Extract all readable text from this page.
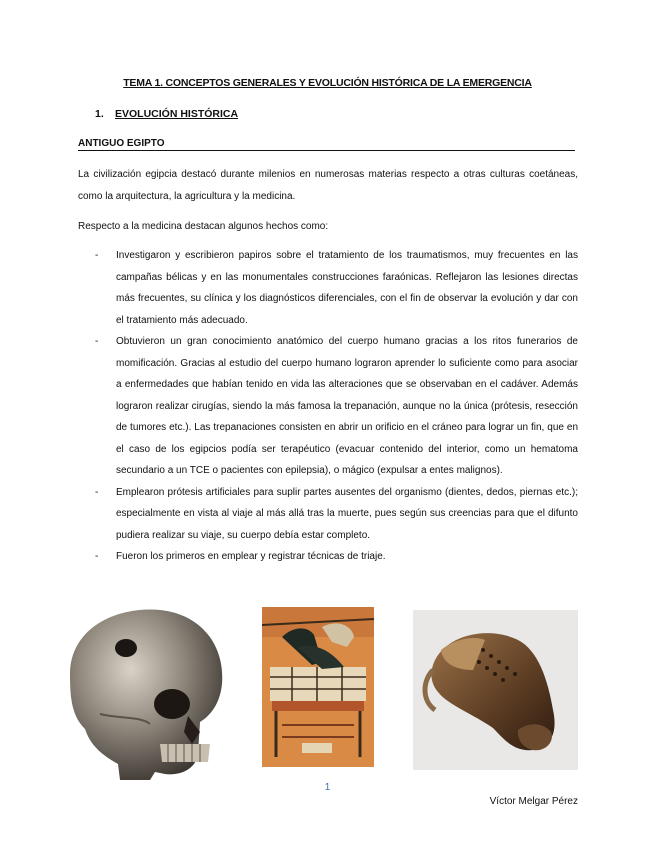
TEMA 1. CONCEPTOS GENERALES Y EVOLUCIÓN HISTÓRICA DE LA EMERGENCIA
1. EVOLUCIÓN HISTÓRICA
ANTIGUO EGIPTO
La civilización egipcia destacó durante milenios en numerosas materias respecto a otras culturas coetáneas, como la arquitectura, la agricultura y la medicina.
Respecto a la medicina destacan algunos hechos como:
- Investigaron y escribieron papiros sobre el tratamiento de los traumatismos, muy frecuentes en las campañas bélicas y en las monumentales construcciones faraónicas. Reflejaron las lesiones directas más frecuentes, su clínica y los diagnósticos diferenciales, con el fin de observar la evolución y dar con el tratamiento más adecuado.
- Obtuvieron un gran conocimiento anatómico del cuerpo humano gracias a los ritos funerarios de momificación. Gracias al estudio del cuerpo humano lograron aprender lo suficiente como para asociar a enfermedades que habían tenido en vida las alteraciones que se observaban en el cadáver. Además lograron realizar cirugías, siendo la más famosa la trepanación, aunque no la única (prótesis, resección de tumores etc.). Las trepanaciones consisten en abrir un orificio en el cráneo para lograr un fin, que en el caso de los egipcios podía ser terapéutico (evacuar contenido del interior, como un hematoma secundario a un TCE o pacientes con epilepsia), o mágico (expulsar a entes malignos).
- Emplearon prótesis artificiales para suplir partes ausentes del organismo (dientes, dedos, piernas etc.); especialmente en vista al viaje al más allá tras la muerte, pues según sus creencias para que el difunto pudiera realizar su viaje, su cuerpo debía estar completo.
- Fueron los primeros en emplear y registrar técnicas de triaje.
1
Víctor Melgar Pérez
